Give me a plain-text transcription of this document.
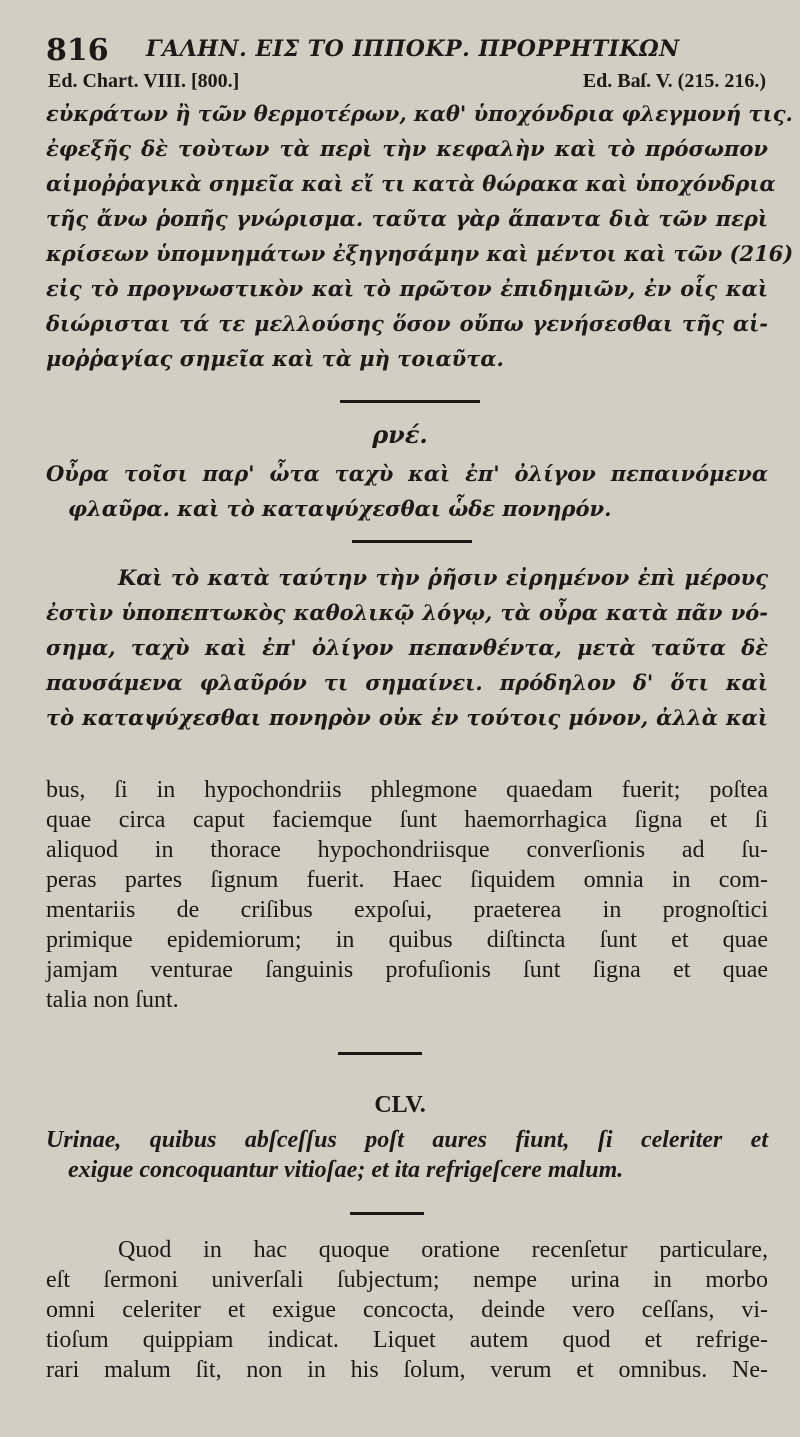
816 ΓΑΛΗΝ. ΕΙΣ ΤΟ ΙΠΠΟΚΡ. ΠΡΟΡΡΗΤΙΚΩΝ
Ed. Chart. VIII. [800.]	Ed. Baſ. V. (215. 216.)
εὐκράτων ἢ τῶν θερμοτέρων, καθ' ὑποχόνδρια φλεγμονή τις.
ἐφεξῆς δὲ τοὺτων τὰ περὶ τὴν κεφαλὴν καὶ τὸ πρόσωπον
αἱμοῤῥαγικὰ σημεῖα καὶ εἴ τι κατὰ θώρακα καὶ ὑποχόνδρια
τῆς ἄνω ῥοπῆς γνώρισμα. ταῦτα γὰρ ἅπαντα διὰ τῶν περὶ
κρίσεων ὑπομνημάτων ἐξηγησάμην καὶ μέντοι καὶ τῶν (216)
εἰς τὸ προγνωστικὸν καὶ τὸ πρῶτον ἐπιδημιῶν, ἐν οἷς καὶ
διώρισται τά τε μελλούσης ὅσον οὔπω γενήσεσθαι τῆς αἱ-
μοῤῥαγίας σημεῖα καὶ τὰ μὴ τοιαῦτα.
ρνέ.
Οὖρα τοῖσι παρ' ὦτα ταχὺ καὶ ἐπ' ὀλίγον πεπαινόμενα
φλαῦρα. καὶ τὸ καταψύχεσθαι ὧδε πονηρόν.
Καὶ τὸ κατὰ ταύτην τὴν ῥῆσιν εἰρημένον ἐπὶ μέρους
ἐστὶν ὑποπεπτωκὸς καθολικῷ λόγῳ, τὰ οὖρα κατὰ πᾶν νό-
σημα, ταχὺ καὶ ἐπ' ὀλίγον πεπανθέντα, μετὰ ταῦτα δὲ
παυσάμενα φλαῦρόν τι σημαίνει. πρόδηλον δ' ὅτι καὶ
τὸ καταψύχεσθαι πονηρὸν οὐκ ἐν τούτοις μόνον, ἀλλὰ καὶ
bus, ſi in hypochondriis phlegmone quaedam fuerit; poſtea
quae circa caput faciemque ſunt haemorrhagica ſigna et ſi
aliquod in thorace hypochondriisque converſionis ad ſu-
peras partes ſignum fuerit. Haec ſiquidem omnia in com-
mentariis de criſibus expoſui, praeterea in prognoſtici
primique epidemiorum; in quibus diſtincta ſunt et quae
jamjam venturae ſanguinis profuſionis ſunt ſigna et quae
talia non ſunt.
CLV.
Urinae, quibus abſceſſus poſt aures fiunt, ſi celeriter et
exigue concoquantur vitioſae; et ita refrigeſcere malum.
Quod in hac quoque oratione recenſetur particulare,
eſt ſermoni univerſali ſubjectum; nempe urina in morbo
omni celeriter et exigue concocta, deinde vero ceſſans, vi-
tioſum quippiam indicat. Liquet autem quod et refrige-
rari malum ſit, non in his ſolum, verum et omnibus. Ne-
